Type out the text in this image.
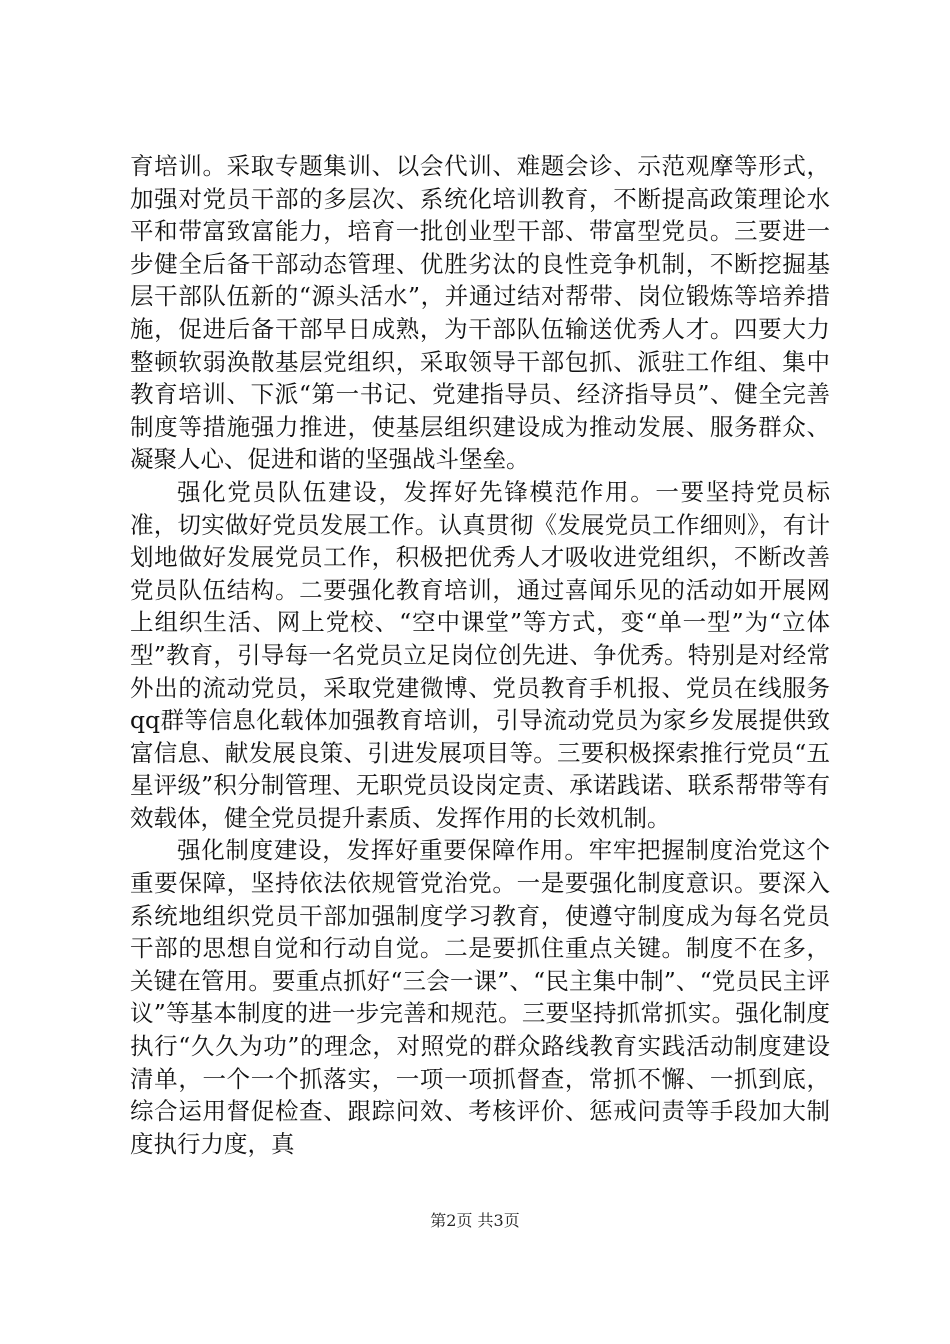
育培训。采取专题集训、以会代训、难题会诊、示范观摩等形式，加强对党员干部的多层次、系统化培训教育，不断提高政策理论水平和带富致富能力，培育一批创业型干部、带富型党员。三要进一步健全后备干部动态管理、优胜劣汰的良性竞争机制，不断挖掘基层干部队伍新的“源头活水”，并通过结对帮带、岗位锻炼等培养措施，促进后备干部早日成熟，为干部队伍输送优秀人才。四要大力整顿软弱涣散基层党组织，采取领导干部包抓、派驻工作组、集中教育培训、下派“第一书记、党建指导员、经济指导员”、健全完善制度等措施强力推进，使基层组织建设成为推动发展、服务群众、凝聚人心、促进和谐的坚强战斗堡垒。

强化党员队伍建设，发挥好先锋模范作用。一要坚持党员标准，切实做好党员发展工作。认真贯彻《发展党员工作细则》，有计划地做好发展党员工作，积极把优秀人才吸收进党组织，不断改善党员队伍结构。二要强化教育培训，通过喜闻乐见的活动如开展网上组织生活、网上党校、“空中课堂”等方式，变“单一型”为“立体型”教育，引导每一名党员立足岗位创先进、争优秀。特别是对经常外出的流动党员，采取党建微博、党员教育手机报、党员在线服务qq群等信息化载体加强教育培训，引导流动党员为家乡发展提供致富信息、献发展良策、引进发展项目等。三要积极探索推行党员“五星评级”积分制管理、无职党员设岗定责、承诺践诺、联系帮带等有效载体，健全党员提升素质、发挥作用的长效机制。

强化制度建设，发挥好重要保障作用。牢牢把握制度治党这个重要保障，坚持依法依规管党治党。一是要强化制度意识。要深入系统地组织党员干部加强制度学习教育，使遵守制度成为每名党员干部的思想自觉和行动自觉。二是要抓住重点关键。制度不在多，关键在管用。要重点抓好“三会一课”、“民主集中制”、“党员民主评议”等基本制度的进一步完善和规范。三要坚持抓常抓实。强化制度执行“久久为功”的理念，对照党的群众路线教育实践活动制度建设清单，一个一个抓落实，一项一项抓督查，常抓不懈、一抓到底，综合运用督促检查、跟踪问效、考核评价、惩戒问责等手段加大制度执行力度，真

第2页 共3页
